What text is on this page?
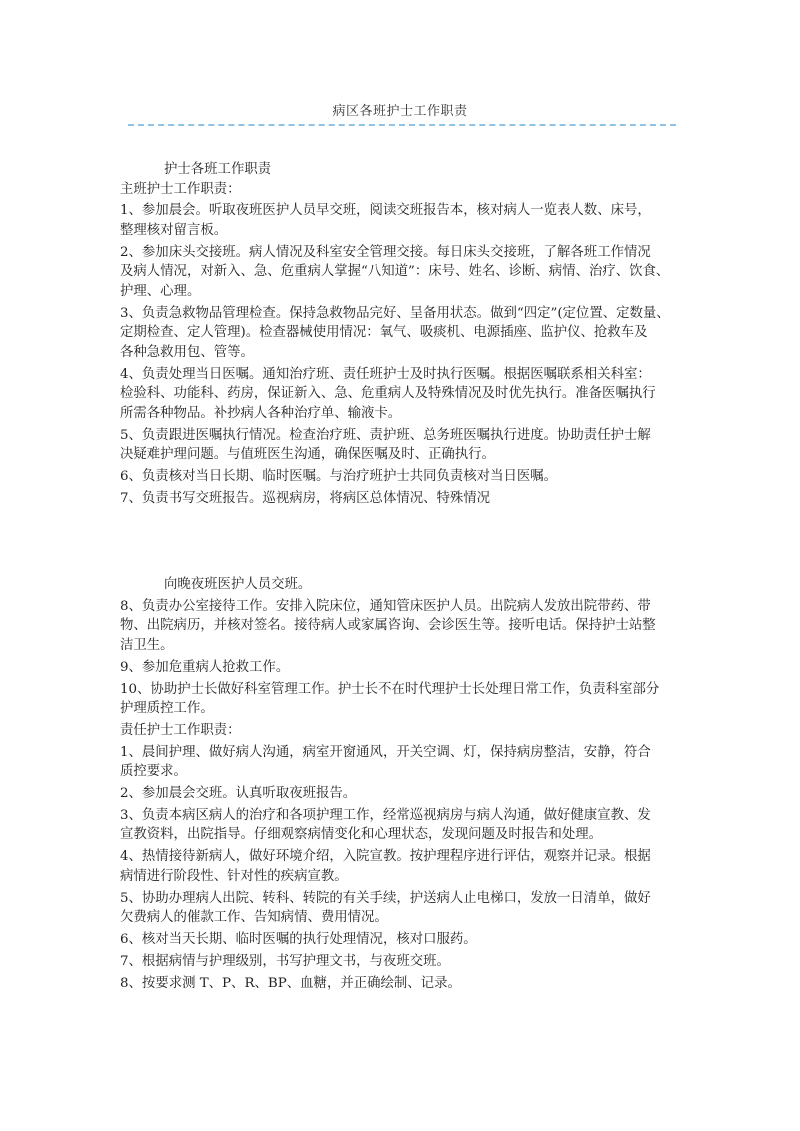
病区各班护士工作职责
护士各班工作职责
主班护士工作职责：
1、参加晨会。听取夜班医护人员早交班，阅读交班报告本，核对病人一览表人数、床号，
整理核对留言板。
2、参加床头交接班。病人情况及科室安全管理交接。每日床头交接班，了解各班工作情况
及病人情况，对新入、急、危重病人掌握“八知道”：床号、姓名、诊断、病情、治疗、饮食、
护理、心理。
3、负责急救物品管理检查。保持急救物品完好、呈备用状态。做到“四定”(定位置、定数量、
定期检查、定人管理)。检查器械使用情况：氧气、吸痰机、电源插座、监护仪、抢救车及
各种急救用包、管等。
4、负责处理当日医嘱。通知治疗班、责任班护士及时执行医嘱。根据医嘱联系相关科室：
检验科、功能科、药房，保证新入、急、危重病人及特殊情况及时优先执行。准备医嘱执行
所需各种物品。补抄病人各种治疗单、输液卡。
5、负责跟进医嘱执行情况。检查治疗班、责护班、总务班医嘱执行进度。协助责任护士解
决疑难护理问题。与值班医生沟通，确保医嘱及时、正确执行。
6、负责核对当日长期、临时医嘱。与治疗班护士共同负责核对当日医嘱。
7、负责书写交班报告。巡视病房，将病区总体情况、特殊情况
向晚夜班医护人员交班。
8、负责办公室接待工作。安排入院床位，通知管床医护人员。出院病人发放出院带药、带
物、出院病历，并核对签名。接待病人或家属咨询、会诊医生等。接听电话。保持护士站整
洁卫生。
9、参加危重病人抢救工作。
10、协助护士长做好科室管理工作。护士长不在时代理护士长处理日常工作，负责科室部分
护理质控工作。
责任护士工作职责：
1、晨间护理、做好病人沟通，病室开窗通风，开关空调、灯，保持病房整洁，安静，符合
质控要求。
2、参加晨会交班。认真听取夜班报告。
3、负责本病区病人的治疗和各项护理工作，经常巡视病房与病人沟通，做好健康宣教、发
宣教资料，出院指导。仔细观察病情变化和心理状态，发现问题及时报告和处理。
4、热情接待新病人，做好环境介绍，入院宣教。按护理程序进行评估，观察并记录。根据
病情进行阶段性、针对性的疾病宣教。
5、协助办理病人出院、转科、转院的有关手续，护送病人止电梯口，发放一日清单，做好
欠费病人的催款工作、告知病情、费用情况。
6、核对当天长期、临时医嘱的执行处理情况，核对口服药。
7、根据病情与护理级别，书写护理文书，与夜班交班。
8、按要求测 T、P、R、BP、血糖，并正确绘制、记录。
